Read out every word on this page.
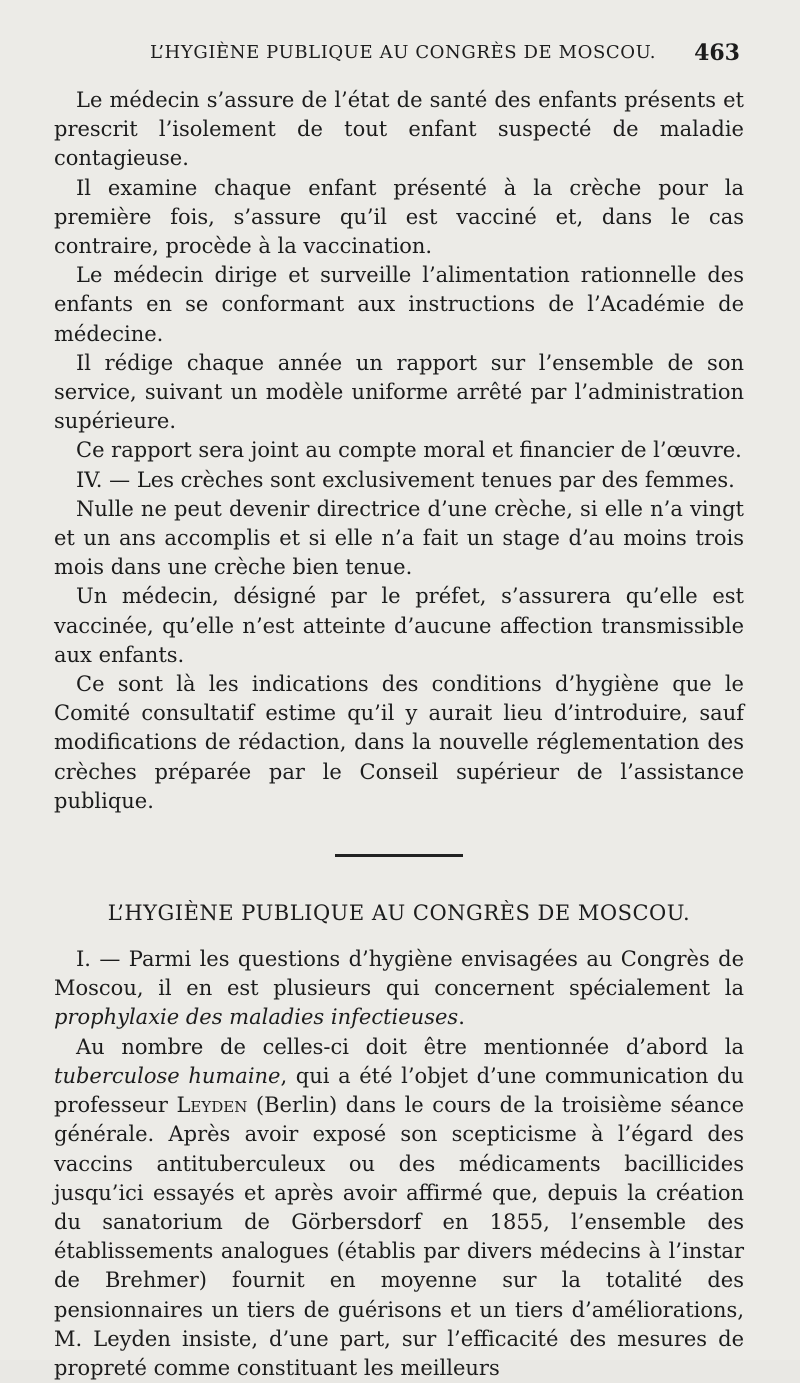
L’HYGIÈNE PUBLIQUE AU CONGRÈS DE MOSCOU. 463

Le médecin s’assure de l’état de santé des enfants présents et prescrit l’isolement de tout enfant suspecté de maladie contagieuse.

Il examine chaque enfant présenté à la crèche pour la première fois, s’assure qu’il est vacciné et, dans le cas contraire, procède à la vaccination.

Le médecin dirige et surveille l’alimentation rationnelle des enfants en se conformant aux instructions de l’Académie de médecine.

Il rédige chaque année un rapport sur l’ensemble de son service, suivant un modèle uniforme arrêté par l’administration supérieure.

Ce rapport sera joint au compte moral et financier de l’œuvre.

IV. — Les crèches sont exclusivement tenues par des femmes.

Nulle ne peut devenir directrice d’une crèche, si elle n’a vingt et un ans accomplis et si elle n’a fait un stage d’au moins trois mois dans une crèche bien tenue.

Un médecin, désigné par le préfet, s’assurera qu’elle est vaccinée, qu’elle n’est atteinte d’aucune affection transmissible aux enfants.

Ce sont là les indications des conditions d’hygiène que le Comité consultatif estime qu’il y aurait lieu d’introduire, sauf modifications de rédaction, dans la nouvelle réglementation des crèches préparée par le Conseil supérieur de l’assistance publique.

L’HYGIÈNE PUBLIQUE AU CONGRÈS DE MOSCOU.

I. — Parmi les questions d’hygiène envisagées au Congrès de Moscou, il en est plusieurs qui concernent spécialement la prophylaxie des maladies infectieuses.

Au nombre de celles-ci doit être mentionnée d’abord la tuberculose humaine, qui a été l’objet d’une communication du professeur Leyden (Berlin) dans le cours de la troisième séance générale. Après avoir exposé son scepticisme à l’égard des vaccins antituberculeux ou des médicaments bacillicides jusqu’ici essayés et après avoir affirmé que, depuis la création du sanatorium de Görbersdorf en 1855, l’ensemble des établissements analogues (établis par divers médecins à l’instar de Brehmer) fournit en moyenne sur la totalité des pensionnaires un tiers de guérisons et un tiers d’améliorations, M. Leyden insiste, d’une part, sur l’efficacité des mesures de propreté comme constituant les meilleurs
